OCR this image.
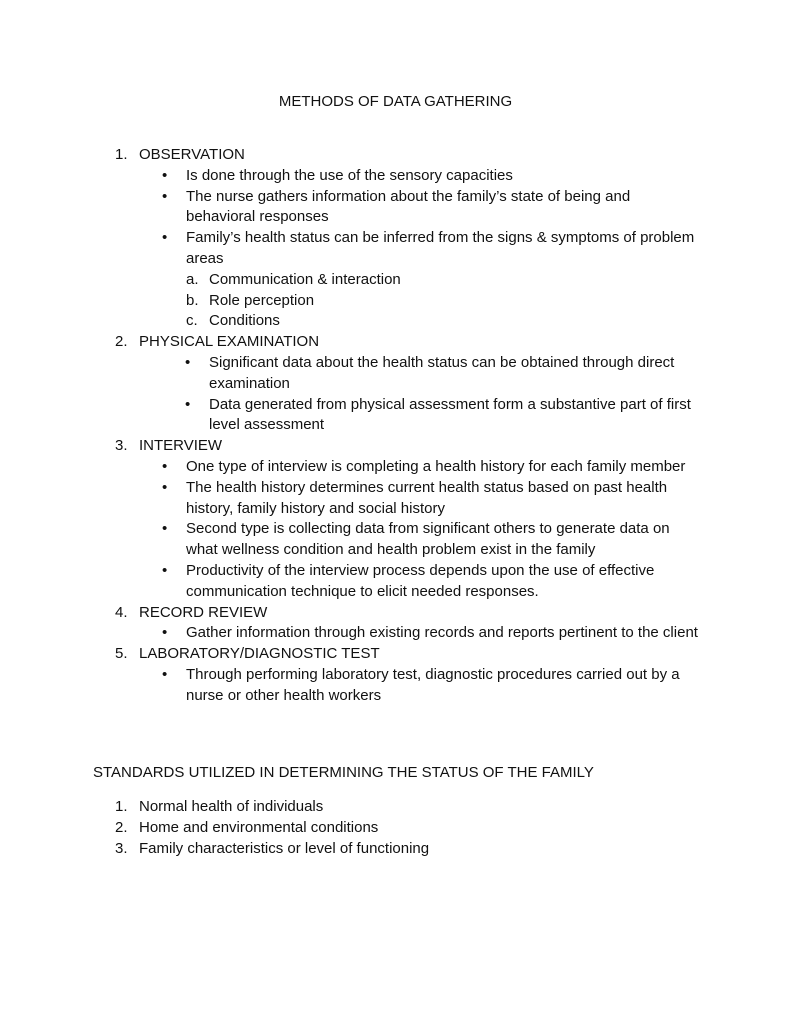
METHODS OF DATA GATHERING
1. OBSERVATION
• Is done through the use of the sensory capacities
• The nurse gathers information about the family’s state of being and behavioral responses
• Family’s health status can be inferred from the signs & symptoms of problem areas
a. Communication & interaction
b. Role perception
c. Conditions
2. PHYSICAL EXAMINATION
• Significant data about the health status can be obtained through direct examination
• Data generated from physical assessment form a substantive part of first level assessment
3. INTERVIEW
• One type of interview is completing a health history for each family member
• The health history determines current health status based on past health history, family history and social history
• Second type is collecting data from significant others to generate data on what wellness condition and health problem exist in the family
• Productivity of the interview process depends upon the use of effective communication technique to elicit needed responses.
4. RECORD REVIEW
• Gather information through existing records and reports pertinent to the client
5. LABORATORY/DIAGNOSTIC TEST
• Through performing laboratory test, diagnostic procedures carried out by a nurse or other health workers
STANDARDS UTILIZED IN DETERMINING THE STATUS OF THE FAMILY
1. Normal health of individuals
2. Home and environmental conditions
3. Family characteristics or level of functioning
